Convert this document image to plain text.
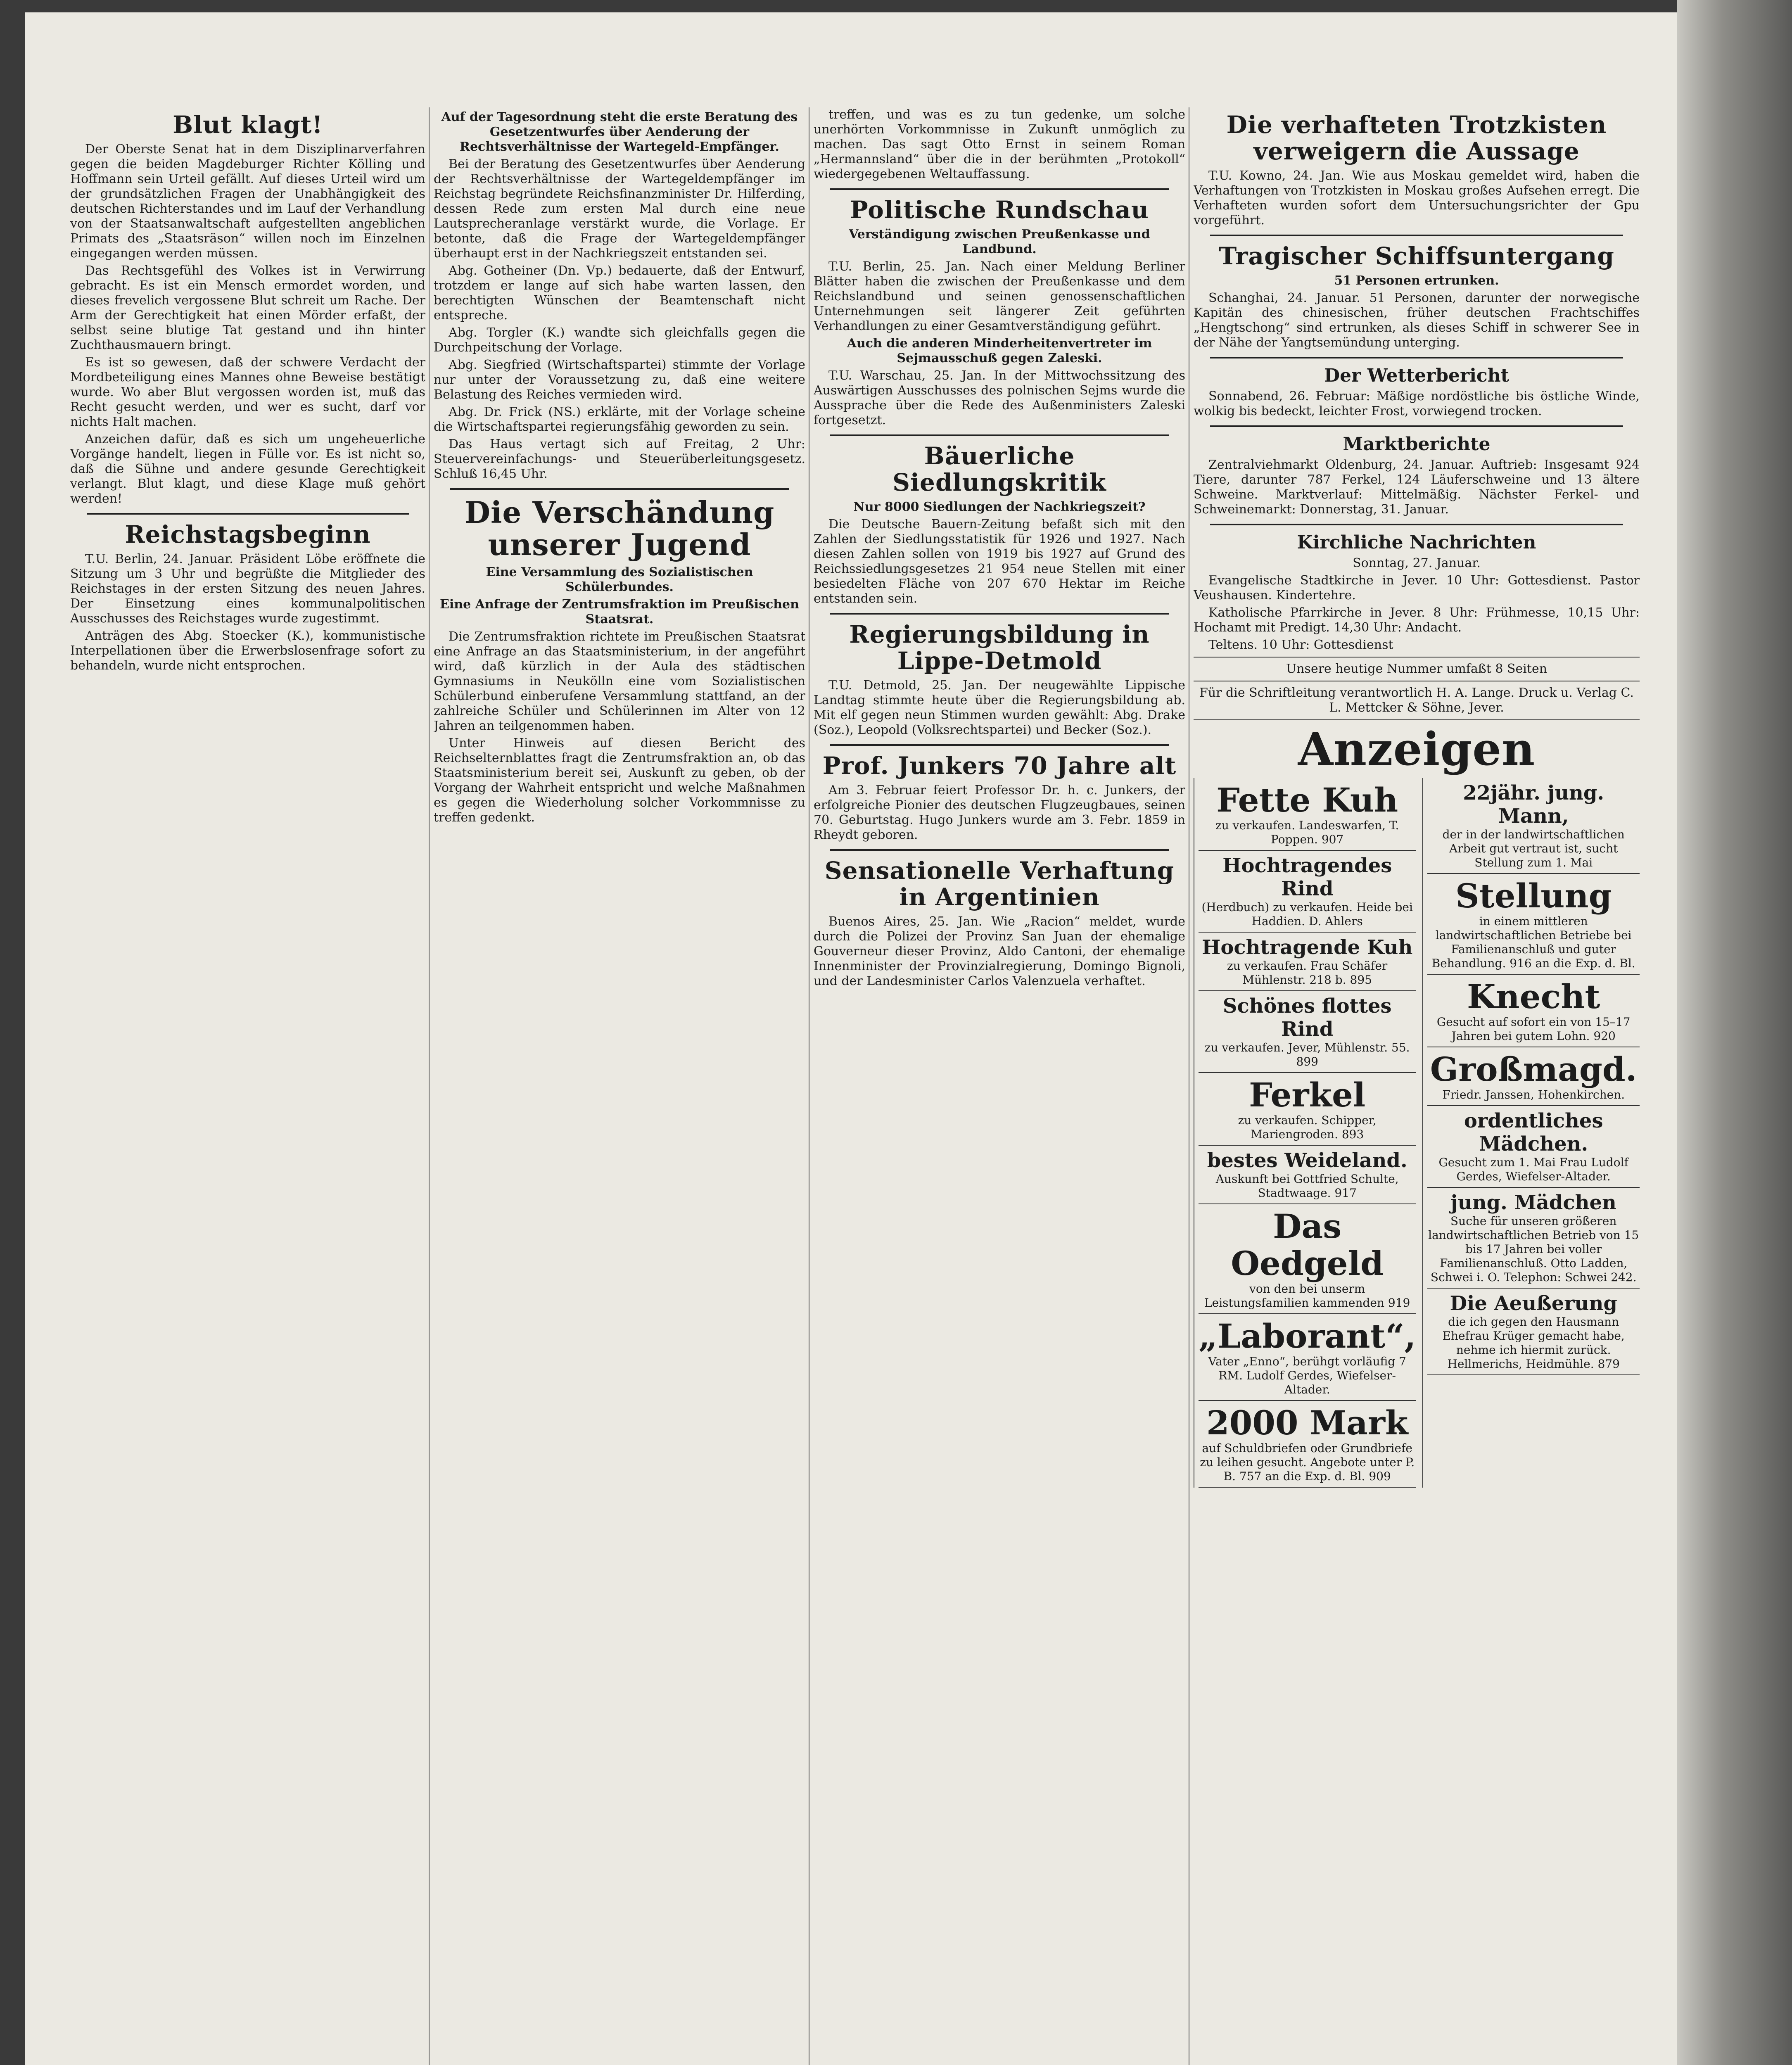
Blut klagt!

Der Oberste Senat hat in dem Disziplinarverfahren gegen die beiden Magdeburger Richter Kölling und Hoffmann sein Urteil gefällt. Auf dieses Urteil wird um der grundsätzlichen Fragen der Unabhängigkeit des deutschen Richterstandes und im Lauf der Verhandlung von der Staatsanwaltschaft aufgestellten angeblichen Primats des „Staatsräson“ willen noch im Einzelnen eingegangen werden müssen.

Das Rechtsgefühl des Volkes ist in Verwirrung gebracht. Es ist ein Mensch ermordet worden, und dieses frevelich vergossene Blut schreit um Rache. Der Arm der Gerechtigkeit hat einen Mörder erfaßt, der selbst seine blutige Tat gestand und ihn hinter Zuchthausmauern bringt.

Es ist so gewesen, daß der schwere Verdacht der Mordbeteiligung eines Mannes ohne Beweise bestätigt wurde. Wo aber Blut vergossen worden ist, muß das Recht gesucht werden, und wer es sucht, darf vor nichts Halt machen.

Anzeichen dafür, daß es sich um ungeheuerliche Vorgänge handelt, liegen in Fülle vor. Es ist nicht so, daß die Sühne und andere gesunde Gerechtigkeit verlangt. Blut klagt, und diese Klage muß gehört werden!

Reichstagsbeginn

T.U. Berlin, 24. Januar. Präsident Löbe eröffnete die Sitzung um 3 Uhr und begrüßte die Mitglieder des Reichstages in der ersten Sitzung des neuen Jahres. Der Einsetzung eines kommunalpolitischen Ausschusses des Reichstages wurde zugestimmt.

Anträgen des Abg. Stoecker (K.), kommunistische Interpellationen über die Erwerbslosenfrage sofort zu behandeln, wurde nicht entsprochen.

Auf der Tagesordnung steht die erste Beratung des Gesetzentwurfes über Aenderung der Rechtsverhältnisse der Wartegeld-Empfänger.

Bei der Beratung des Gesetzentwurfes über Aenderung der Rechtsverhältnisse der Wartegeldempfänger im Reichstag begründete Reichsfinanzminister Dr. Hilferding, dessen Rede zum ersten Mal durch eine neue Lautsprecheranlage verstärkt wurde, die Vorlage. Er betonte, daß die Frage der Wartegeldempfänger überhaupt erst in der Nachkriegszeit entstanden sei.

Abg. Gotheiner (Dn. Vp.) bedauerte, daß der Entwurf, trotzdem er lange auf sich habe warten lassen, den berechtigten Wünschen der Beamtenschaft nicht entspreche.

Abg. Torgler (K.) wandte sich gleichfalls gegen die Durchpeitschung der Vorlage.

Abg. Siegfried (Wirtschaftspartei) stimmte der Vorlage nur unter der Voraussetzung zu, daß eine weitere Belastung des Reiches vermieden wird.

Abg. Dr. Frick (NS.) erklärte, mit der Vorlage scheine die Wirtschaftspartei regierungsfähig geworden zu sein.

Das Haus vertagt sich auf Freitag, 2 Uhr: Steuervereinfachungs- und Steuerüberleitungsgesetz. Schluß 16,45 Uhr.

Die Verschändung unserer Jugend
Eine Versammlung des Sozialistischen Schülerbundes.
Eine Anfrage der Zentrumsfraktion im Preußischen Staatsrat.

Die Zentrumsfraktion richtete im Preußischen Staatsrat eine Anfrage an das Staatsministerium, in der angeführt wird, daß kürzlich in der Aula des städtischen Gymnasiums in Neukölln eine vom Sozialistischen Schülerbund einberufene Versammlung stattfand, an der zahlreiche Schüler und Schülerinnen im Alter von 12 Jahren an teilgenommen haben.

Unter Hinweis auf diesen Bericht des Reichselternblattes fragt die Zentrumsfraktion an, ob das Staatsministerium bereit sei, Auskunft zu geben, ob der Vorgang der Wahrheit entspricht und welche Maßnahmen es gegen die Wiederholung solcher Vorkommnisse zu treffen gedenkt.

treffen, und was es zu tun gedenke, um solche unerhörten Vorkommnisse in Zukunft unmöglich zu machen. Das sagt Otto Ernst in seinem Roman „Hermannsland“ über die in der berühmten „Protokoll“ wiedergegebenen Weltauffassung.

Politische Rundschau
Verständigung zwischen Preußenkasse und Landbund.

T.U. Berlin, 25. Jan. Nach einer Meldung Berliner Blätter haben die zwischen der Preußenkasse und dem Reichslandbund und seinen genossenschaftlichen Unternehmungen seit längerer Zeit geführten Verhandlungen zu einer Gesamtverständigung geführt.

Auch die anderen Minderheitenvertreter im Sejmausschuß gegen Zaleski.

T.U. Warschau, 25. Jan. In der Mittwochssitzung des Auswärtigen Ausschusses des polnischen Sejms wurde die Aussprache über die Rede des Außenministers Zaleski fortgesetzt.

Bäuerliche Siedlungskritik
Nur 8000 Siedlungen der Nachkriegszeit?

Die Deutsche Bauern-Zeitung befaßt sich mit den Zahlen der Siedlungsstatistik für 1926 und 1927. Nach diesen Zahlen sollen von 1919 bis 1927 auf Grund des Reichssiedlungsgesetzes 21 954 neue Stellen mit einer besiedelten Fläche von 207 670 Hektar im Reiche entstanden sein.

Regierungsbildung in Lippe-Detmold

T.U. Detmold, 25. Jan. Der neugewählte Lippische Landtag stimmte heute über die Regierungsbildung ab. Mit elf gegen neun Stimmen wurden gewählt: Abg. Drake (Soz.), Leopold (Volksrechtspartei) und Becker (Soz.).

Prof. Junkers 70 Jahre alt

Am 3. Februar feiert Professor Dr. h. c. Junkers, der erfolgreiche Pionier des deutschen Flugzeugbaues, seinen 70. Geburtstag. Hugo Junkers wurde am 3. Febr. 1859 in Rheydt geboren.

Sensationelle Verhaftung in Argentinien

Buenos Aires, 25. Jan. Wie „Racion“ meldet, wurde durch die Polizei der Provinz San Juan der ehemalige Gouverneur dieser Provinz, Aldo Cantoni, der ehemalige Innenminister der Provinzialregierung, Domingo Bignoli, und der Landesminister Carlos Valenzuela verhaftet.

Die verhafteten Trotzkisten verweigern die Aussage

T.U. Kowno, 24. Jan. Wie aus Moskau gemeldet wird, haben die Verhaftungen von Trotzkisten in Moskau großes Aufsehen erregt. Die Verhafteten wurden sofort dem Untersuchungsrichter der Gpu vorgeführt.

Tragischer Schiffsuntergang
51 Personen ertrunken.

Schanghai, 24. Januar. 51 Personen, darunter der norwegische Kapitän des chinesischen, früher deutschen Frachtschiffes „Hengtschong“ sind ertrunken, als dieses Schiff in schwerer See in der Nähe der Yangtsemündung unterging.

Der Wetterbericht

Sonnabend, 26. Februar: Mäßige nordöstliche bis östliche Winde, wolkig bis bedeckt, leichter Frost, vorwiegend trocken.

Marktberichte

Zentralviehmarkt Oldenburg, 24. Januar. Auftrieb: Insgesamt 924 Tiere, darunter 787 Ferkel, 124 Läuferschweine und 13 ältere Schweine. Marktverlauf: Mittelmäßig. Nächster Ferkel- und Schweinemarkt: Donnerstag, 31. Januar.

Kirchliche Nachrichten

Sonntag, 27. Januar.

Evangelische Stadtkirche in Jever. 10 Uhr: Gottesdienst. Pastor Veushausen. Kindertehre.

Katholische Pfarrkirche in Jever. 8 Uhr: Frühmesse, 10,15 Uhr: Hochamt mit Predigt. 14,30 Uhr: Andacht.

Teltens. 10 Uhr: Gottesdienst

Unsere heutige Nummer umfaßt 8 Seiten

Für die Schriftleitung verantwortlich H. A. Lange. Druck u. Verlag C. L. Mettcker & Söhne, Jever.

Anzeigen
Fette Kuh
zu verkaufen. Landeswarfen, T. Poppen. 907
Hochtragendes Rind
(Herdbuch) zu verkaufen. Heide bei Haddien. D. Ahlers
Hochtragende Kuh
zu verkaufen. Frau Schäfer Mühlenstr. 218 b. 895
Schönes flottes Rind
zu verkaufen. Jever, Mühlenstr. 55. 899
Ferkel
zu verkaufen. Schipper, Mariengroden. 893
bestes Weideland.
Auskunft bei Gottfried Schulte, Stadtwaage. 917
Das Oedgeld
von den bei unserm Leistungsfamilien kammenden 919
„Laborant“,
Vater „Enno“, berühgt vorläufig 7 RM. Ludolf Gerdes, Wiefelser-Altader.
2000 Mark
auf Schuldbriefen oder Grundbriefe zu leihen gesucht. Angebote unter P. B. 757 an die Exp. d. Bl. 909
22jähr. jung. Mann,
der in der landwirtschaftlichen Arbeit gut vertraut ist, sucht Stellung zum 1. Mai
Stellung
in einem mittleren landwirtschaftlichen Betriebe bei Familienanschluß und guter Behandlung. 916 an die Exp. d. Bl.
Knecht
Gesucht auf sofort ein von 15–17 Jahren bei gutem Lohn. 920
Großmagd.
Friedr. Janssen, Hohenkirchen.
ordentliches Mädchen.
Gesucht zum 1. Mai Frau Ludolf Gerdes, Wiefelser-Altader.
jung. Mädchen
Suche für unseren größeren landwirtschaftlichen Betrieb von 15 bis 17 Jahren bei voller Familienanschluß. Otto Ladden, Schwei i. O. Telephon: Schwei 242.
Die Aeußerung
die ich gegen den Hausmann Ehefrau Krüger gemacht habe, nehme ich hiermit zurück. Hellmerichs, Heidmühle. 879
